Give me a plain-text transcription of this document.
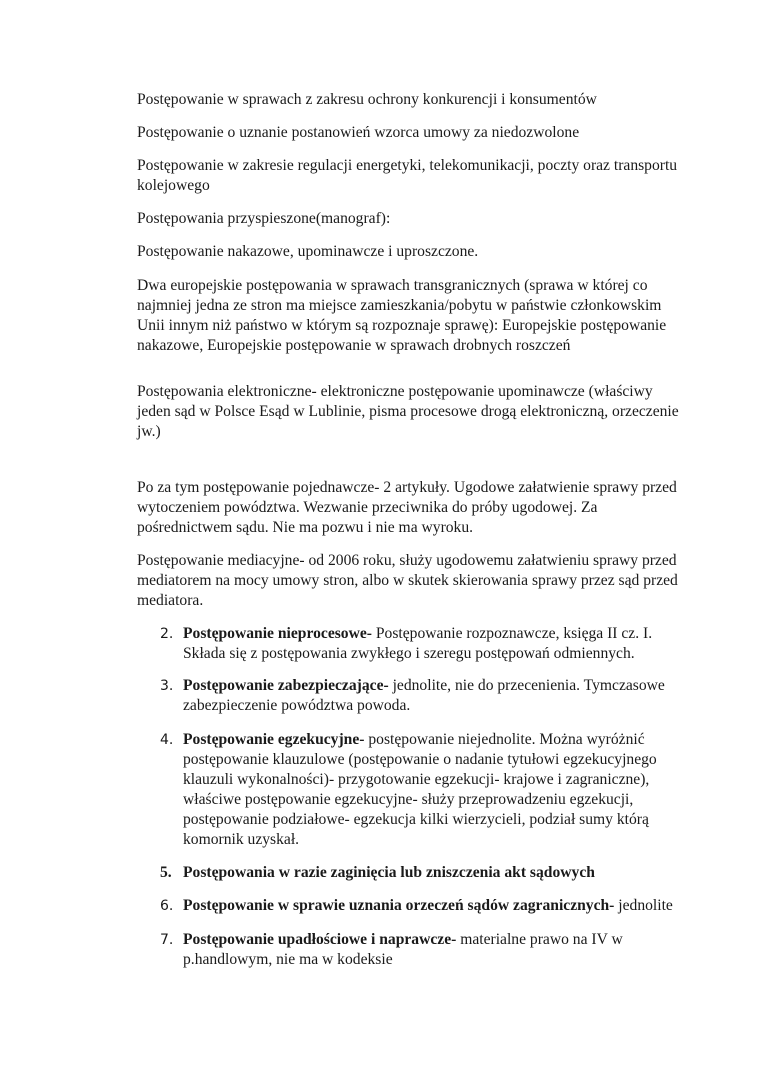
Postępowanie w sprawach z zakresu ochrony konkurencji i konsumentów

Postępowanie o uznanie postanowień wzorca umowy za niedozwolone

Postępowanie w zakresie regulacji energetyki, telekomunikacji, poczty oraz transportu kolejowego

Postępowania przyspieszone(manograf):

Postępowanie nakazowe, upominawcze i uproszczone.

Dwa europejskie postępowania w sprawach transgranicznych (sprawa w której co najmniej jedna ze stron ma miejsce zamieszkania/pobytu w państwie członkowskim Unii innym niż państwo w którym są rozpoznaje sprawę): Europejskie postępowanie nakazowe, Europejskie postępowanie w sprawach drobnych roszczeń

Postępowania elektroniczne- elektroniczne postępowanie upominawcze (właściwy jeden sąd w Polsce Esąd w Lublinie, pisma procesowe drogą elektroniczną, orzeczenie jw.)

Po za tym postępowanie pojednawcze- 2 artykuły. Ugodowe załatwienie sprawy przed wytoczeniem powództwa. Wezwanie przeciwnika do próby ugodowej. Za pośrednictwem sądu. Nie ma pozwu i nie ma wyroku.

Postępowanie mediacyjne- od 2006 roku, służy ugodowemu załatwieniu sprawy przed mediatorem na mocy umowy stron, albo w skutek skierowania sprawy przez sąd przed mediatora.

2. Postępowanie nieprocesowe- Postępowanie rozpoznawcze, księga II cz. I. Składa się z postępowania zwykłego i szeregu postępowań odmiennych.
3. Postępowanie zabezpieczające- jednolite, nie do przecenienia. Tymczasowe zabezpieczenie powództwa powoda.
4. Postępowanie egzekucyjne- postępowanie niejednolite. Można wyróżnić postępowanie klauzulowe (postępowanie o nadanie tytułowi egzekucyjnego klauzuli wykonalności)- przygotowanie egzekucji- krajowe i zagraniczne), właściwe postępowanie egzekucyjne- służy przeprowadzeniu egzekucji, postępowanie podziałowe- egzekucja kilki wierzycieli, podział sumy którą komornik uzyskał.
5. Postępowania w razie zaginięcia lub zniszczenia akt sądowych
6. Postępowanie w sprawie uznania orzeczeń sądów zagranicznych- jednolite
7. Postępowanie upadłościowe i naprawcze- materialne prawo na IV w p.handlowym, nie ma w kodeksie
